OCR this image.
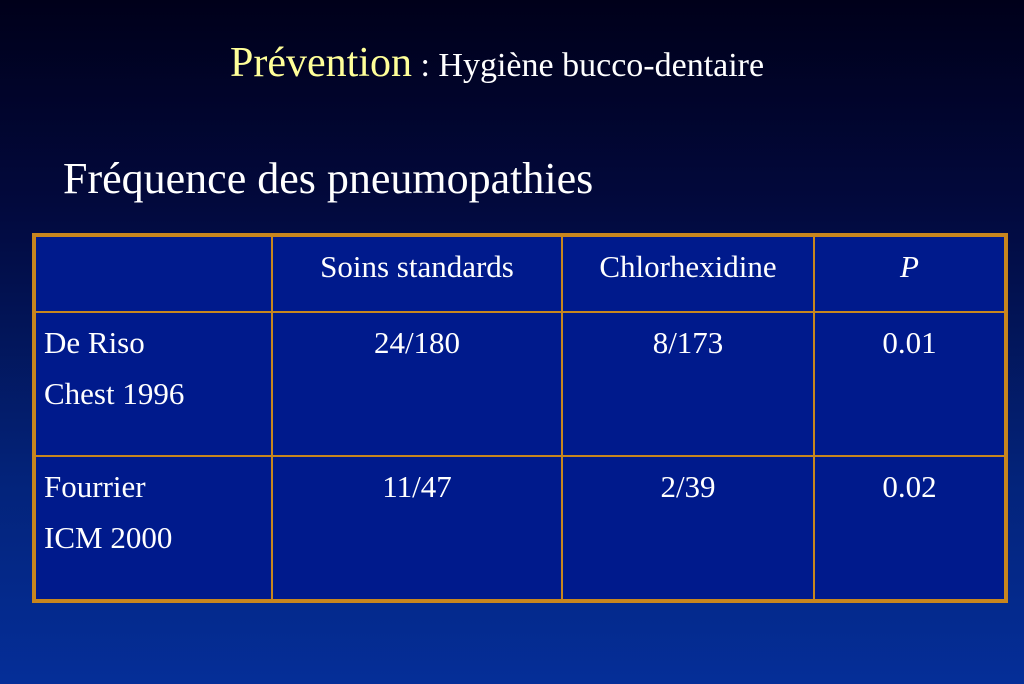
Prévention : Hygiène bucco-dentaire
Fréquence des pneumopathies
	Soins standards	Chlorhexidine	P

De Riso
Chest 1996	24/180	8/173	0.01

Fourrier
ICM 2000	11/47	2/39	0.02
